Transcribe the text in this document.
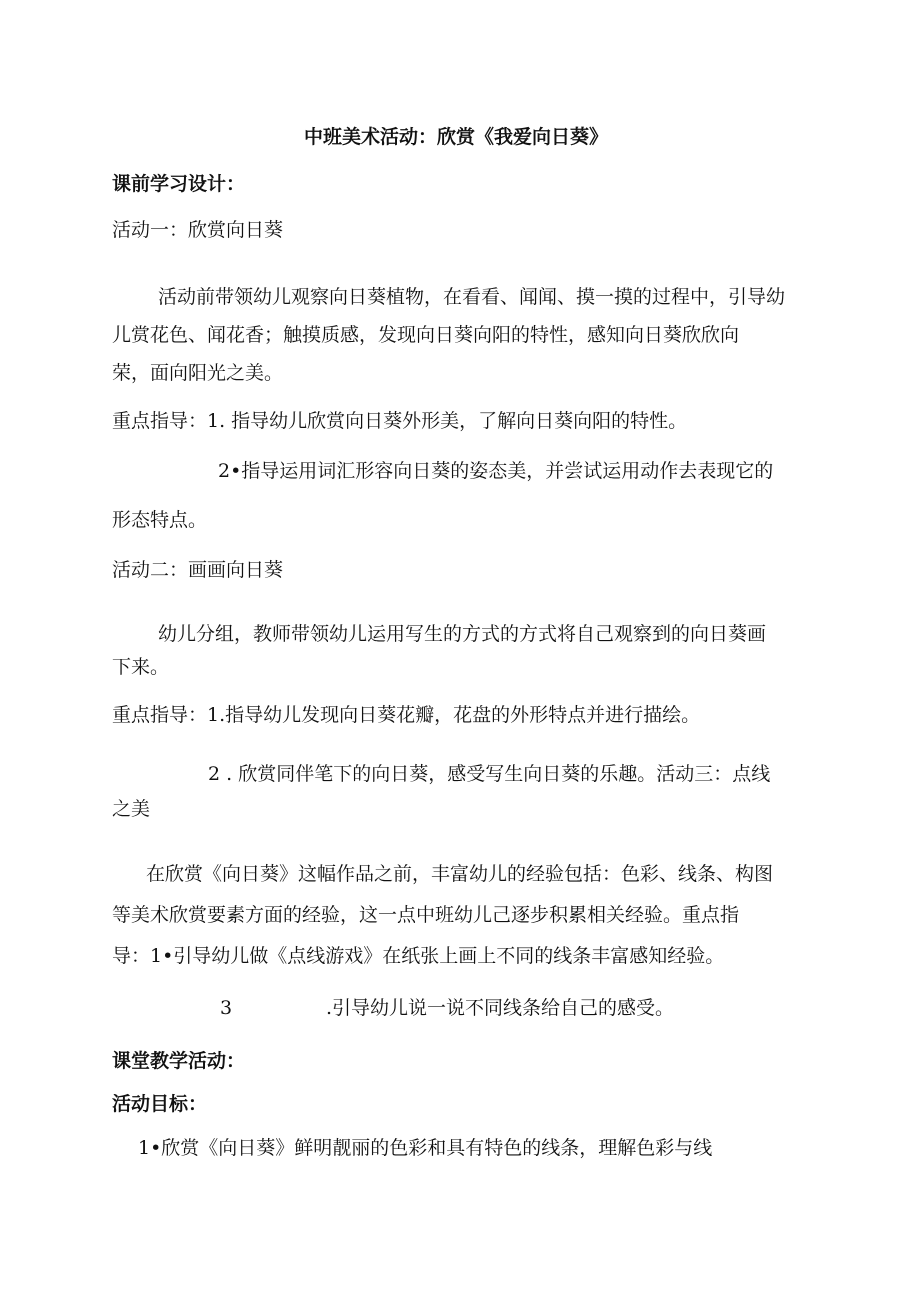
中班美术活动：欣赏《我爱向日葵》
课前学习设计：
活动一：欣赏向日葵
活动前带领幼儿观察向日葵植物，在看看、闻闻、摸一摸的过程中，引导幼
儿赏花色、闻花香；触摸质感，发现向日葵向阳的特性，感知向日葵欣欣向
荣，面向阳光之美。
重点指导：1. 指导幼儿欣赏向日葵外形美，了解向日葵向阳的特性。
2•指导运用词汇形容向日葵的姿态美，并尝试运用动作去表现它的
形态特点。
活动二：画画向日葵
幼儿分组，教师带领幼儿运用写生的方式的方式将自己观察到的向日葵画
下来。
重点指导：1.指导幼儿发现向日葵花瓣，花盘的外形特点并进行描绘。
2 . 欣赏同伴笔下的向日葵，感受写生向日葵的乐趣。活动三：点线
之美
在欣赏《向日葵》这幅作品之前，丰富幼儿的经验包括：色彩、线条、构图
等美术欣赏要素方面的经验，这一点中班幼儿己逐步积累相关经验。重点指
导：1•引导幼儿做《点线游戏》在纸张上画上不同的线条丰富感知经验。
3	.引导幼儿说一说不同线条给自己的感受。
课堂教学活动：
活动目标：
1•欣赏《向日葵》鲜明靓丽的色彩和具有特色的线条，理解色彩与线
